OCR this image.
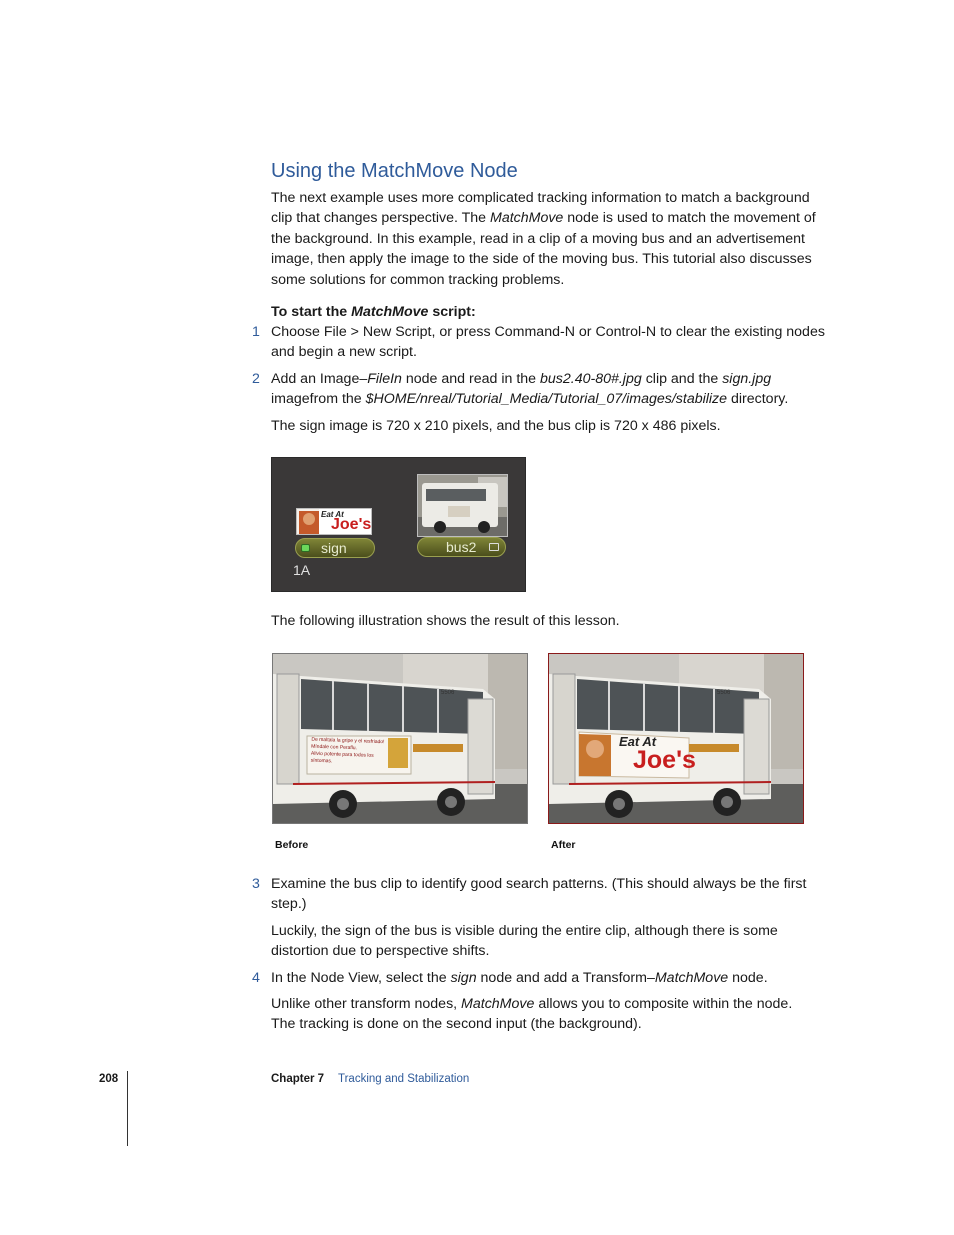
Using the MatchMove Node
The next example uses more complicated tracking information to match a background
clip that changes perspective. The MatchMove node is used to match the movement of
the background. In this example, read in a clip of a moving bus and an advertisement
image, then apply the image to the side of the moving bus. This tutorial also discusses
some solutions for common tracking problems.
To start the MatchMove script:
1 Choose File > New Script, or press Command-N or Control-N to clear the existing nodes
and begin a new script.
2 Add an Image–FileIn node and read in the bus2.40-80#.jpg clip and the sign.jpg
imagefrom the $HOME/nreal/Tutorial_Media/Tutorial_07/images/stabilize directory.
The sign image is 720 x 210 pixels, and the bus clip is 720 x 486 pixels.
Eat At
Joe's
sign	bus2
1A
The following illustration shows the result of this lesson.
5506
De maltala la gripe y el resfriado!
Míndale con Peraflu.
Alivio potente para todos los síntomas.
5506
Eat At
Joe's
Before	After
3 Examine the bus clip to identify good search patterns. (This should always be the first
step.)
Luckily, the sign of the bus is visible during the entire clip, although there is some
distortion due to perspective shifts.
4 In the Node View, select the sign node and add a Transform–MatchMove node.
Unlike other transform nodes, MatchMove allows you to composite within the node.
The tracking is done on the second input (the background).
208	Chapter 7 Tracking and Stabilization
